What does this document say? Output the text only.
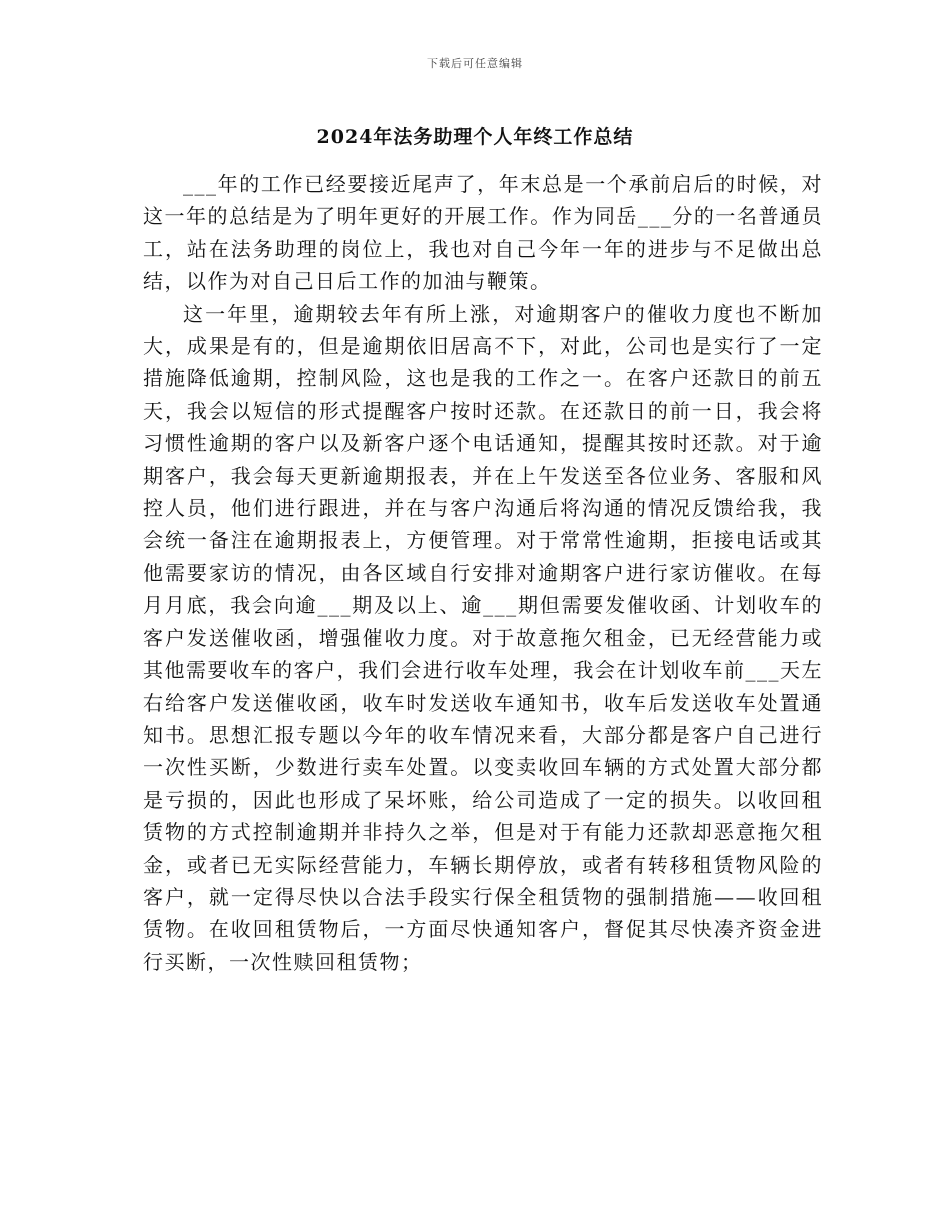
下载后可任意编辑
2024年法务助理个人年终工作总结

___年的工作已经要接近尾声了，年末总是一个承前启后的时候，对这一年的总结是为了明年更好的开展工作。作为同岳___分的一名普通员工，站在法务助理的岗位上，我也对自己今年一年的进步与不足做出总结，以作为对自己日后工作的加油与鞭策。

这一年里，逾期较去年有所上涨，对逾期客户的催收力度也不断加大，成果是有的，但是逾期依旧居高不下，对此，公司也是实行了一定措施降低逾期，控制风险，这也是我的工作之一。在客户还款日的前五天，我会以短信的形式提醒客户按时还款。在还款日的前一日，我会将习惯性逾期的客户以及新客户逐个电话通知，提醒其按时还款。对于逾期客户，我会每天更新逾期报表，并在上午发送至各位业务、客服和风控人员，他们进行跟进，并在与客户沟通后将沟通的情况反馈给我，我会统一备注在逾期报表上，方便管理。对于常常性逾期，拒接电话或其他需要家访的情况，由各区域自行安排对逾期客户进行家访催收。在每月月底，我会向逾___期及以上、逾___期但需要发催收函、计划收车的客户发送催收函，增强催收力度。对于故意拖欠租金，已无经营能力或其他需要收车的客户，我们会进行收车处理，我会在计划收车前___天左右给客户发送催收函，收车时发送收车通知书，收车后发送收车处置通知书。思想汇报专题以今年的收车情况来看，大部分都是客户自己进行一次性买断，少数进行卖车处置。以变卖收回车辆的方式处置大部分都是亏损的，因此也形成了呆坏账，给公司造成了一定的损失。以收回租赁物的方式控制逾期并非持久之举，但是对于有能力还款却恶意拖欠租金，或者已无实际经营能力，车辆长期停放，或者有转移租赁物风险的客户，就一定得尽快以合法手段实行保全租赁物的强制措施——收回租赁物。在收回租赁物后，一方面尽快通知客户，督促其尽快凑齐资金进行买断，一次性赎回租赁物；
